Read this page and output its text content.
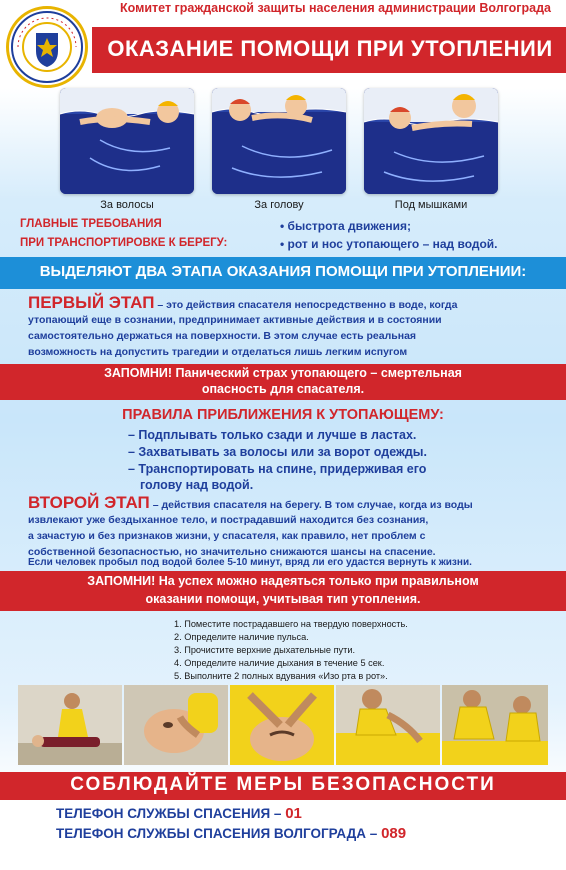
Комитет гражданской защиты населения администрации Волгограда
ОКАЗАНИЕ ПОМОЩИ ПРИ УТОПЛЕНИИ
За волосы	За голову	Под мышками
ГЛАВНЫЕ ТРЕБОВАНИЯ
ПРИ ТРАНСПОРТИРОВКЕ К БЕРЕГУ:
• быстрота движения;
• рот и нос утопающего – над водой.
ВЫДЕЛЯЮТ ДВА ЭТАПА ОКАЗАНИЯ ПОМОЩИ ПРИ УТОПЛЕНИИ:
ПЕРВЫЙ ЭТАП – это действия спасателя непосредственно в воде, когда
утопающий еще в сознании, предпринимает активные действия и в состоянии
самостоятельно держаться на поверхности. В этом случае есть реальная
возможность на допустить трагедии и отделаться лишь легким испугом
ЗАПОМНИ! Панический страх утопающего – смертельная
опасность для спасателя.
ПРАВИЛА ПРИБЛИЖЕНИЯ К УТОПАЮЩЕМУ:
– Подплывать только сзади и лучше в ластах.
– Захватывать за волосы или за ворот одежды.
– Транспортировать на спине, придерживая его
голову над водой.
ВТОРОЙ ЭТАП – действия спасателя на берегу. В том случае, когда из воды
извлекают уже бездыханное тело, и пострадавший находится без сознания,
а зачастую и без признаков жизни, у спасателя, как правило, нет проблем с
собственной безопасностью, но значительно снижаются шансы на спасение.
Если человек пробыл под водой более 5-10 минут, вряд ли его удастся вернуть к жизни.
ЗАПОМНИ! На успех можно надеяться только при правильном
оказании помощи, учитывая тип утопления.
1. Поместите пострадавшего на твердую поверхность.
2. Определите наличие пульса.
3. Прочистите верхние дыхательные пути.
4. Определите наличие дыхания в течение 5 сек.
5. Выполните 2 полных вдувания «Изо рта в рот».
СОБЛЮДАЙТЕ МЕРЫ БЕЗОПАСНОСТИ
ТЕЛЕФОН СЛУЖБЫ СПАСЕНИЯ – 01
ТЕЛЕФОН СЛУЖБЫ СПАСЕНИЯ ВОЛГОГРАДА – 089
